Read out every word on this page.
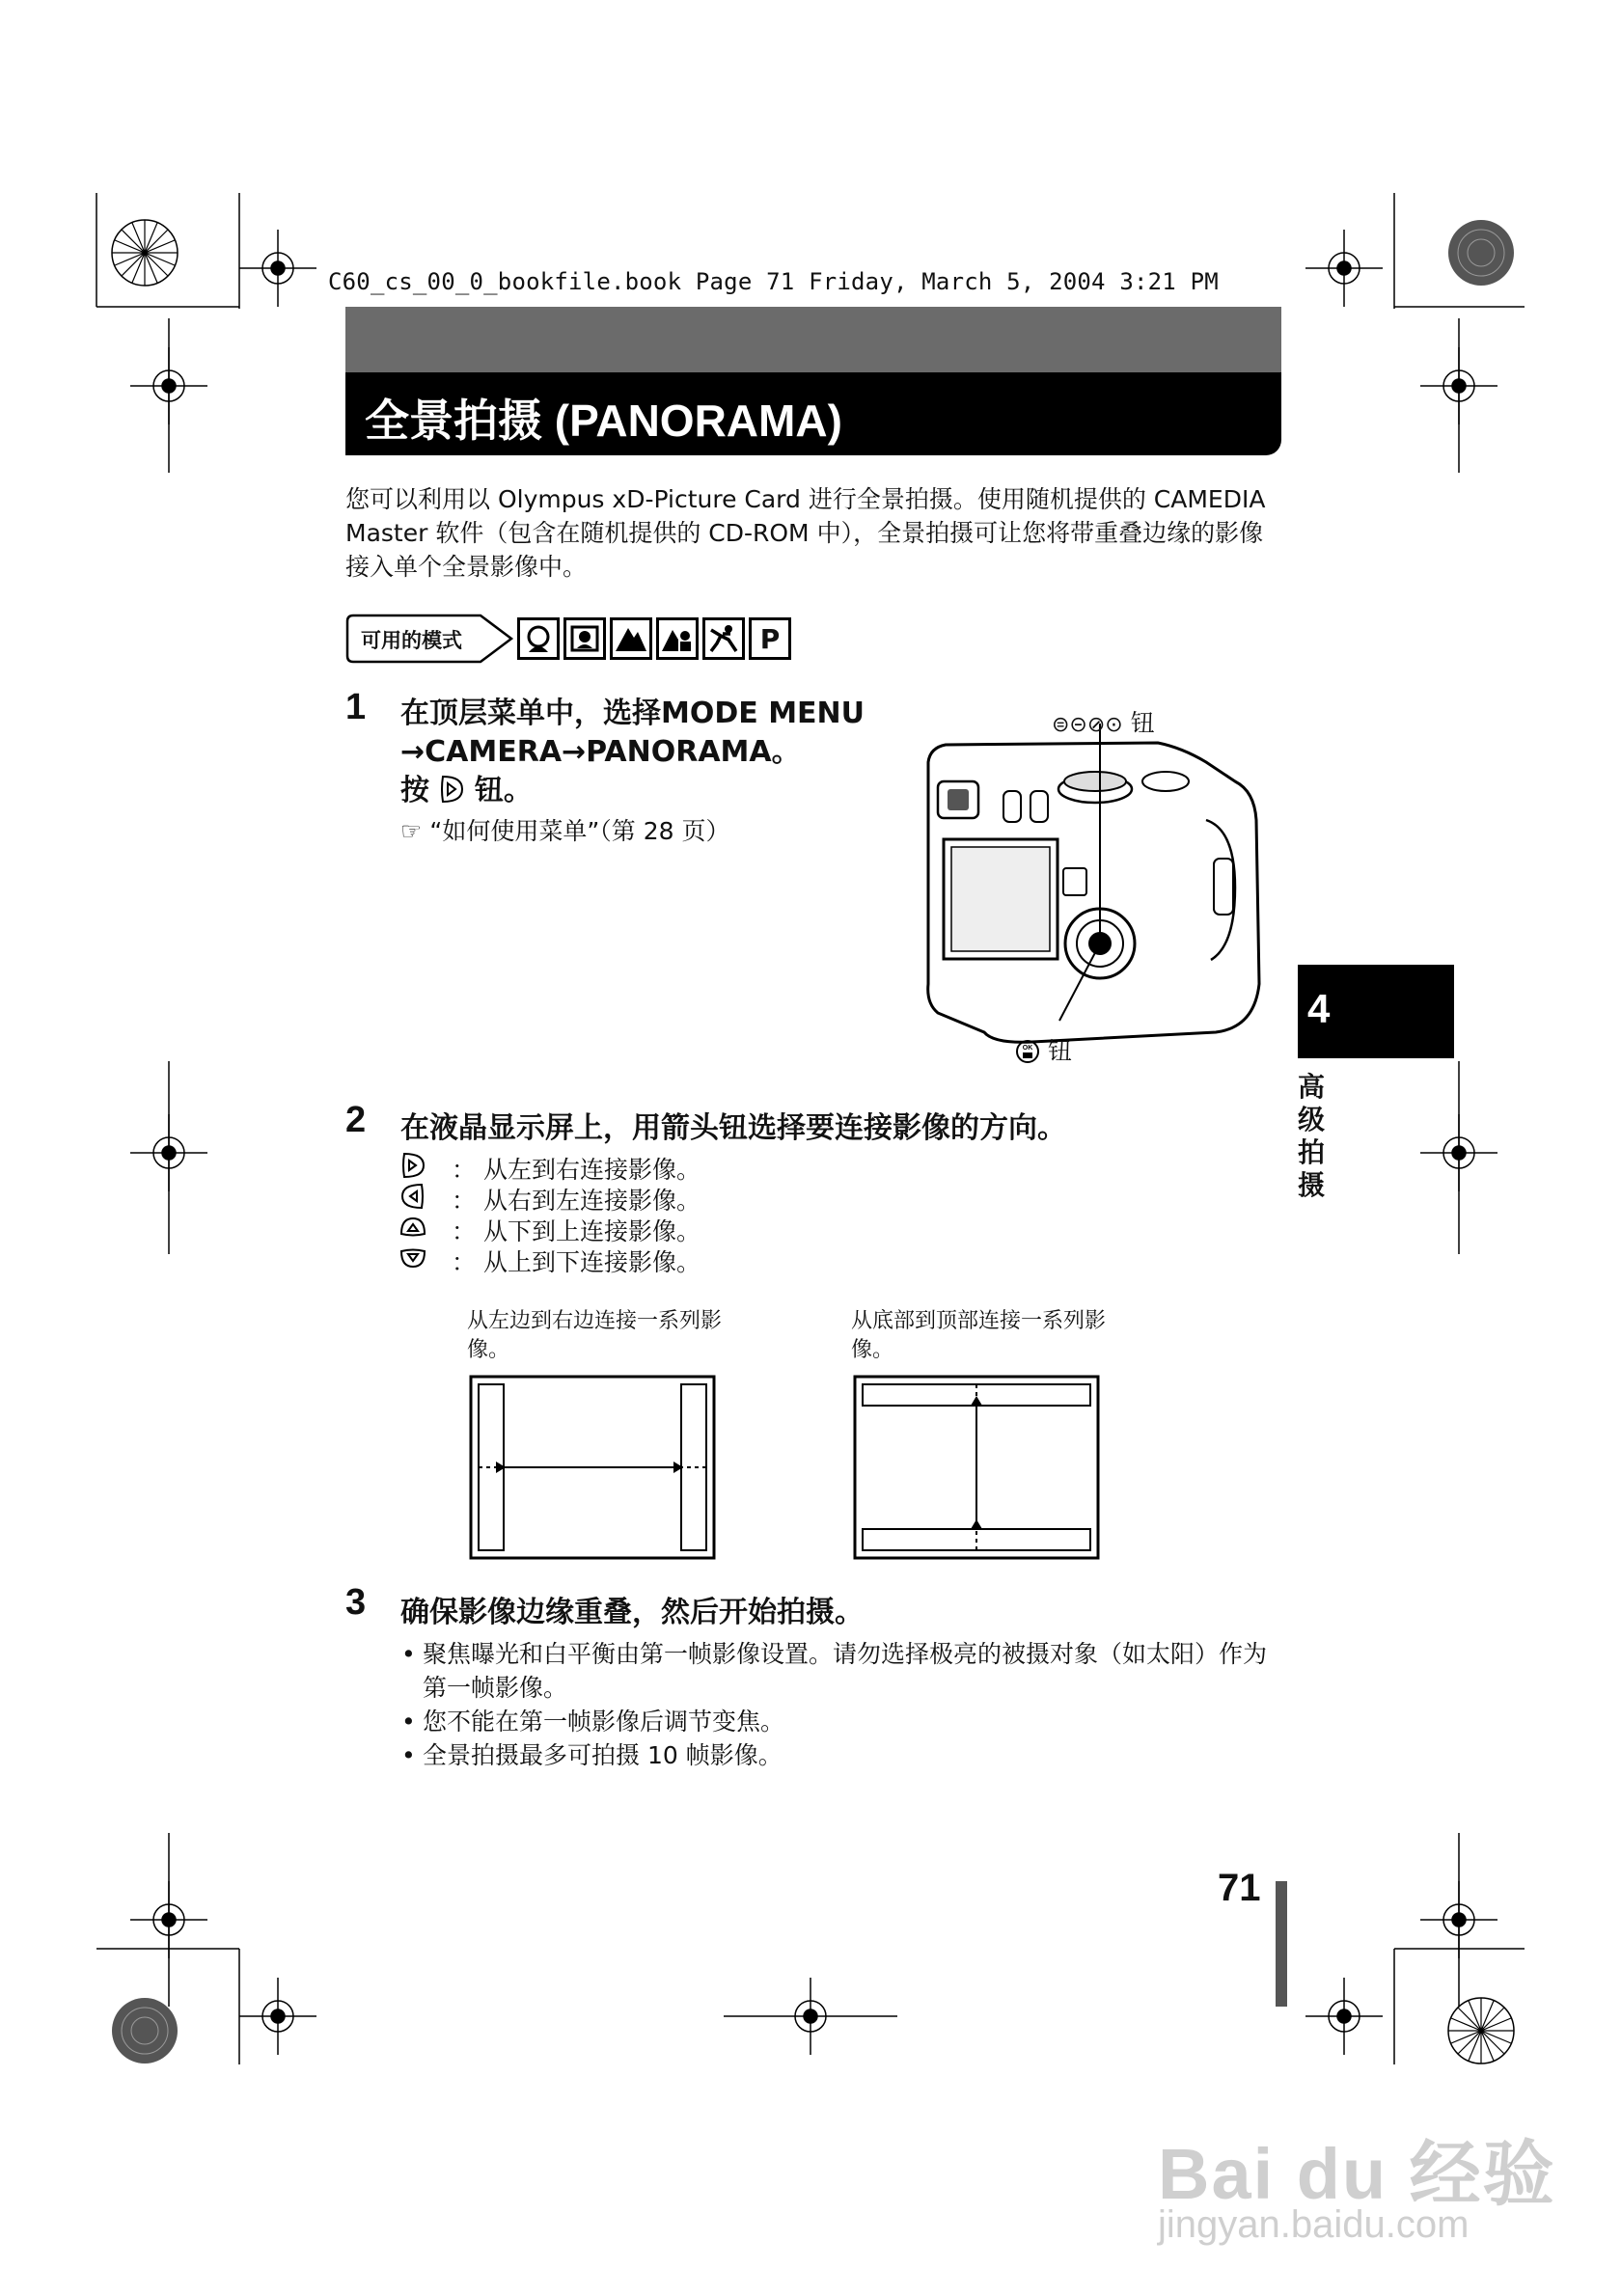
C60_cs_00_0_bookfile.book Page 71 Friday, March 5, 2004 3:21 PM
全景拍摄 (PANORAMA)
您可以利用以 Olympus xD-Picture Card 进行全景拍摄。使用随机提供的 CAMEDIA Master 软件（包含在随机提供的 CD-ROM 中），全景拍摄可让您将带重叠边缘的影像接入单个全景影像中。
可用的模式	P
1 在顶层菜单中，选择MODE MENU
→CAMERA→PANORAMA。
按 钮。
☞ “如何使用菜单”（第 28 页）
⊜⊝⊘⊙ 钮
OK 钮
4
高级拍摄
2 在液晶显示屏上，用箭头钮选择要连接影像的方向。
： 从左到右连接影像。
： 从右到左连接影像。
： 从下到上连接影像。
： 从上到下连接影像。
从左边到右边连接一系列影像。
从底部到顶部连接一系列影像。
3 确保影像边缘重叠，然后开始拍摄。
• 聚焦曝光和白平衡由第一帧影像设置。请勿选择极亮的被摄对象（如太阳）作为第一帧影像。
• 您不能在第一帧影像后调节变焦。
• 全景拍摄最多可拍摄 10 帧影像。
71
Bai du 经验
jingyan.baidu.com
